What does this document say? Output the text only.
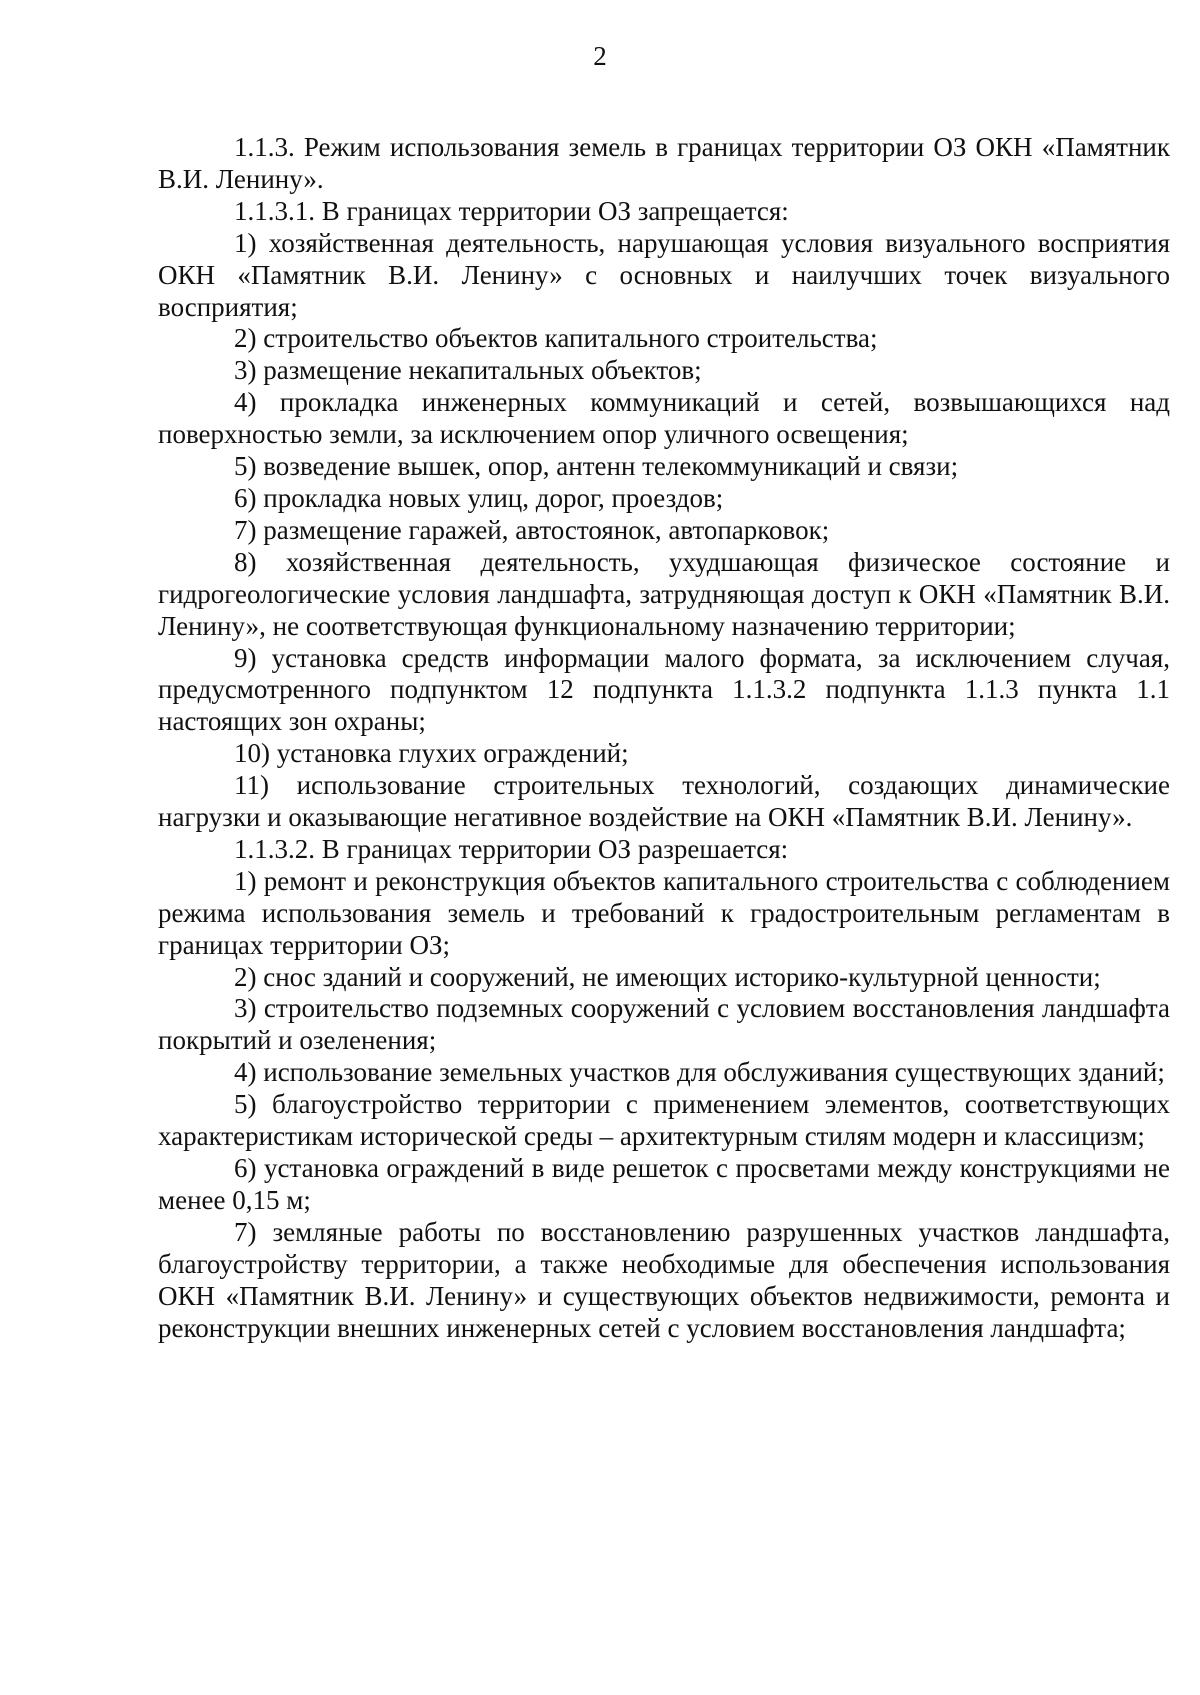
2

1.1.3. Режим использования земель в границах территории ОЗ ОКН «Памятник В.И. Ленину».

1.1.3.1. В границах территории ОЗ запрещается:

1) хозяйственная деятельность, нарушающая условия визуального восприятия ОКН «Памятник В.И. Ленину» с основных и наилучших точек визуального восприятия;

2) строительство объектов капитального строительства;

3) размещение некапитальных объектов;

4) прокладка инженерных коммуникаций и сетей, возвышающихся над поверхностью земли, за исключением опор уличного освещения;

5) возведение вышек, опор, антенн телекоммуникаций и связи;

6) прокладка новых улиц, дорог, проездов;

7) размещение гаражей, автостоянок, автопарковок;

8) хозяйственная деятельность, ухудшающая физическое состояние и гидрогеологические условия ландшафта, затрудняющая доступ к ОКН «Памятник В.И. Ленину», не соответствующая функциональному назначению территории;

9) установка средств информации малого формата, за исключением случая, предусмотренного подпунктом 12 подпункта 1.1.3.2 подпункта 1.1.3 пункта 1.1 настоящих зон охраны;

10) установка глухих ограждений;

11) использование строительных технологий, создающих динамические нагрузки и оказывающие негативное воздействие на ОКН «Памятник В.И. Ленину».

1.1.3.2. В границах территории ОЗ разрешается:

1) ремонт и реконструкция объектов капитального строительства с соблюдением режима использования земель и требований к градостроительным регламентам в границах территории ОЗ;

2) снос зданий и сооружений, не имеющих историко-культурной ценности;

3) строительство подземных сооружений с условием восстановления ландшафта покрытий и озеленения;

4) использование земельных участков для обслуживания существующих зданий;

5) благоустройство территории с применением элементов, соответствующих характеристикам исторической среды – архитектурным стилям модерн и классицизм;

6) установка ограждений в виде решеток с просветами между конструкциями не менее 0,15 м;

7) земляные работы по восстановлению разрушенных участков ландшафта, благоустройству территории, а также необходимые для обеспечения использования ОКН «Памятник В.И. Ленину» и существующих объектов недвижимости, ремонта и реконструкции внешних инженерных сетей с условием восстановления ландшафта;
